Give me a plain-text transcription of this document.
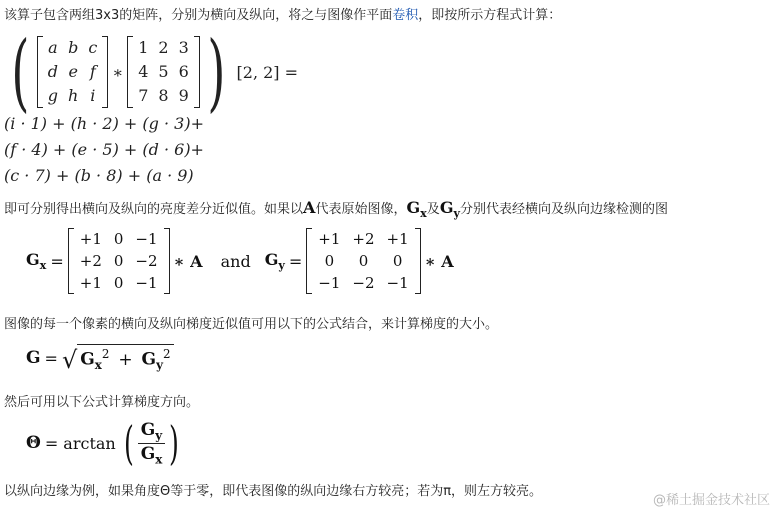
该算子包含两组3x3的矩阵，分别为横向及纵向，将之与图像作平面卷积，即按所示方程式计算：
( a	b	c
d	e	f
g	h	i
∗
1	2	3
4	5	6
7	8	9 ) [2, 2] =
(i · 1) + (h · 2) + (g · 3)+
(f · 4) + (e · 5) + (d · 6)+
(c · 7) + (b · 8) + (a · 9)
即可分别得出横向及纵向的亮度差分近似值。如果以A代表原始图像，$G_x$及$G_y$分别代表经横向及纵向边缘检测的图
$G_x$ =
+1	0	−1
+2	0	−2
+1	0	−1
∗ A	and $G_y$ =
+1	+2	+1
0	0	0
−1	−2	−1
∗ A
图像的每一个像素的横向及纵向梯度近似值可用以下的公式结合，来计算梯度的大小。
G = √ $G_x^2 + G_y^2$
然后可用以下公式计算梯度方向。
Θ = arctan ( $\frac{G_y}{G_x}$ )
以纵向边缘为例，如果角度Θ等于零，即代表图像的纵向边缘右方较亮；若为π，则左方较亮。
@稀土掘金技术社区
